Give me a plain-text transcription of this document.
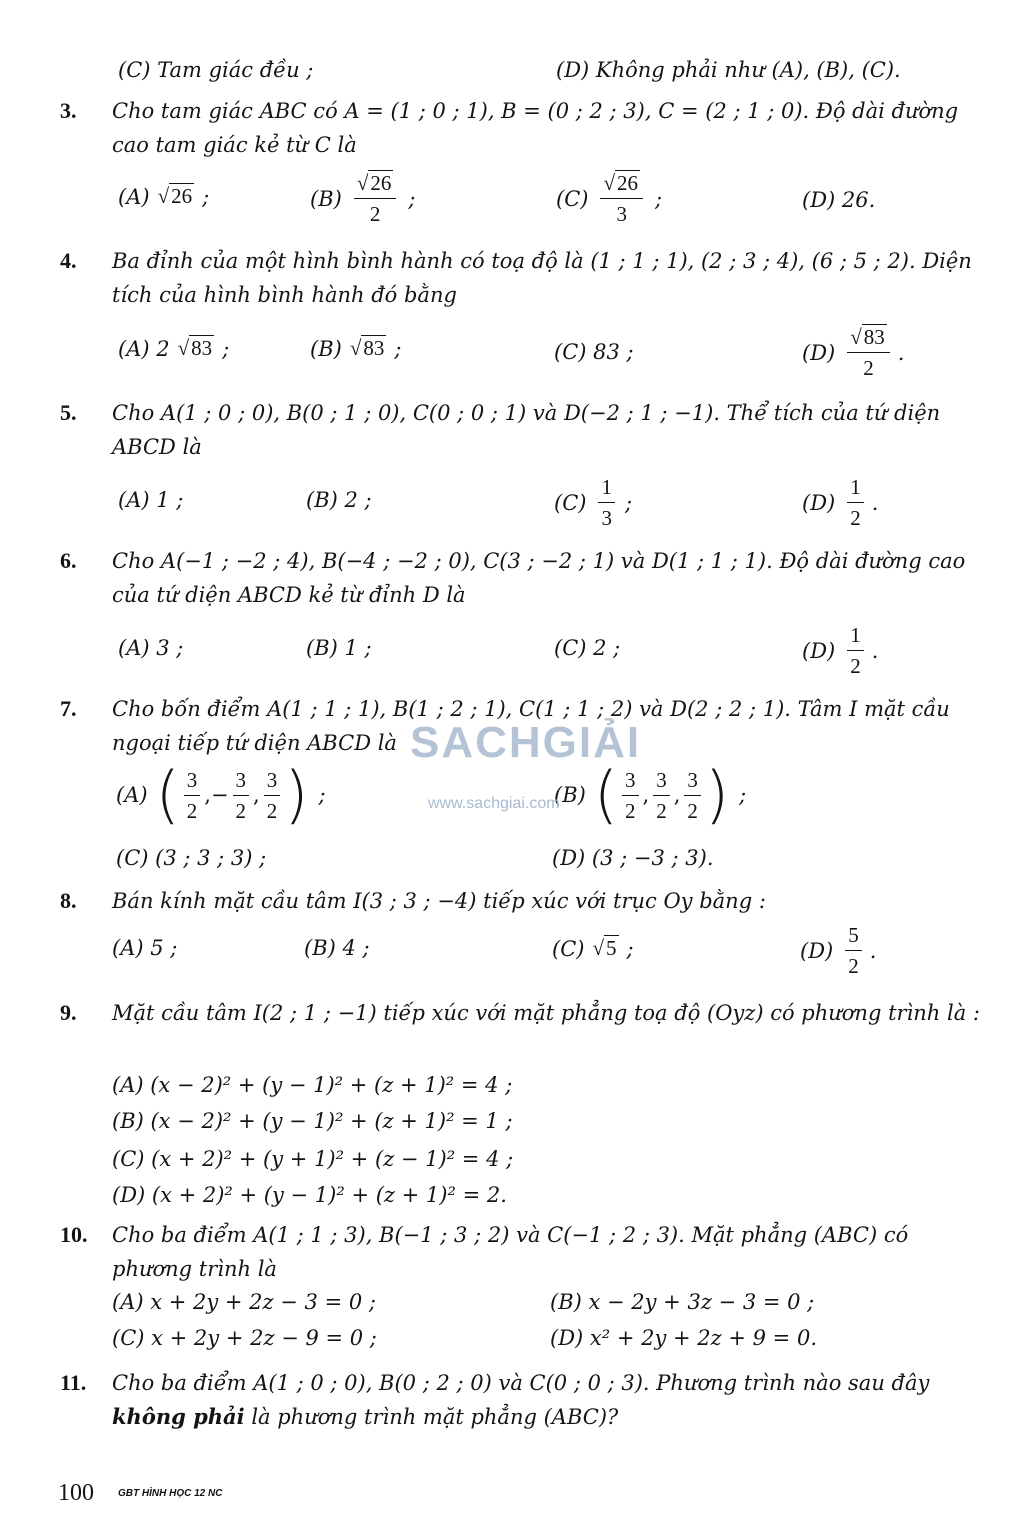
(C) Tam giác đều ;	(D) Không phải như (A), (B), (C).
3. Cho tam giác ABC có A = (1 ; 0 ; 1), B = (0 ; 2 ; 3), C = (2 ; 1 ; 0). Độ dài đường cao tam giác kẻ từ C là
(A) √26 ;	$(B) \frac{√26}{2}$ ;	$(C) \frac{√26}{3}$ ;	(D) 26.
4. Ba đỉnh của một hình bình hành có toạ độ là (1 ; 1 ; 1), (2 ; 3 ; 4), (6 ; 5 ; 2). Diện tích của hình bình hành đó bằng
(A) 2 √83 ;	(B) √83 ;	(C) 83 ;	$(D) \frac{√83}{2}$ .
5. Cho A(1 ; 0 ; 0), B(0 ; 1 ; 0), C(0 ; 0 ; 1) và D(−2 ; 1 ; −1). Thể tích của tứ diện ABCD là
(A) 1 ;	(B) 2 ;	$(C) \frac{1}{3}$ ;	$(D) \frac{1}{2}$ .
6. Cho A(−1 ; −2 ; 4), B(−4 ; −2 ; 0), C(3 ; −2 ; 1) và D(1 ; 1 ; 1). Độ dài đường cao của tứ diện ABCD kẻ từ đỉnh D là
(A) 3 ;	(B) 1 ;	(C) 2 ;	$(D) \frac{1}{2}$ .
7. Cho bốn điểm A(1 ; 1 ; 1), B(1 ; 2 ; 1), C(1 ; 1 ; 2) và D(2 ; 2 ; 1). Tâm I mặt cầu ngoại tiếp tứ diện ABCD là
(A) ( $\frac{3}{2}$ ,− $\frac{3}{2}$ , $\frac{3}{2}$ ) ;	(B) ( $\frac{3}{2}$ , $\frac{3}{2}$ , $\frac{3}{2}$ ) ;
(C) (3 ; 3 ; 3) ;	(D) (3 ; −3 ; 3).
8. Bán kính mặt cầu tâm I(3 ; 3 ; −4) tiếp xúc với trục Oy bằng :
(A) 5 ;	(B) 4 ;	(C) √5 ;	$(D) \frac{5}{2}$ .
9. Mặt cầu tâm I(2 ; 1 ; −1) tiếp xúc với mặt phẳng toạ độ (Oyz) có phương trình là :
(A) (x − 2)² + (y − 1)² + (z + 1)² = 4 ;
(B) (x − 2)² + (y − 1)² + (z + 1)² = 1 ;
(C) (x + 2)² + (y + 1)² + (z − 1)² = 4 ;
(D) (x + 2)² + (y − 1)² + (z + 1)² = 2.
10. Cho ba điểm A(1 ; 1 ; 3), B(−1 ; 3 ; 2) và C(−1 ; 2 ; 3). Mặt phẳng (ABC) có phương trình là
(A) x + 2y + 2z − 3 = 0 ;	(B) x − 2y + 3z − 3 = 0 ;
(C) x + 2y + 2z − 9 = 0 ;	(D) x² + 2y + 2z + 9 = 0.
11. Cho ba điểm A(1 ; 0 ; 0), B(0 ; 2 ; 0) và C(0 ; 0 ; 3). Phương trình nào sau đây không phải là phương trình mặt phẳng (ABC)?
SACHGIẢI
www.sachgiai.com
100 GBT HÌNH HỌC 12 NC
